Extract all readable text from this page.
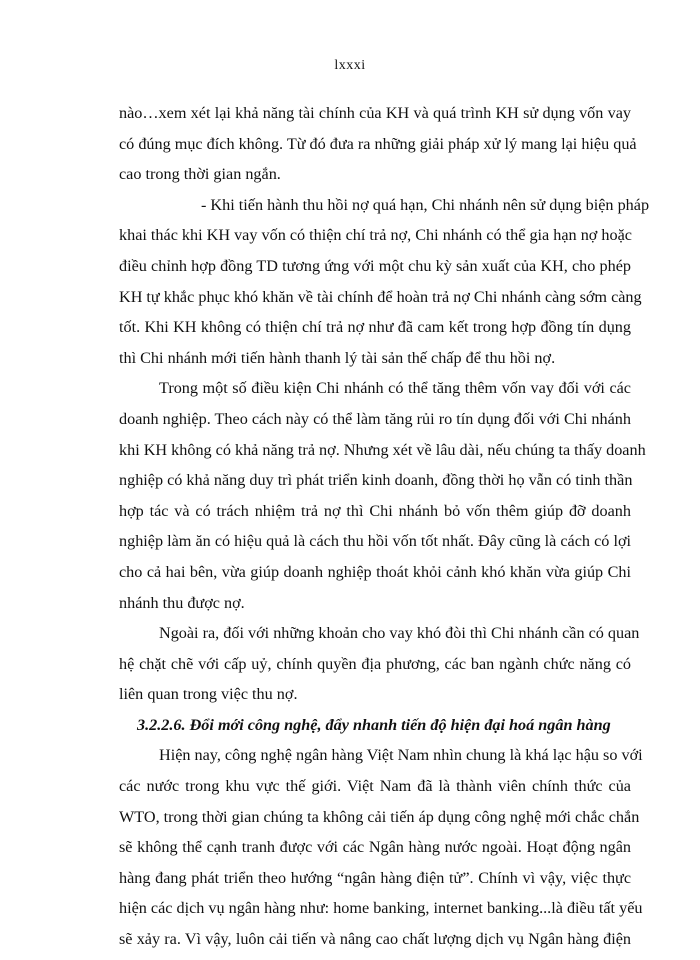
lxxxi
nào…xem xét lại khả năng tài chính của KH và quá trình KH sử dụng vốn vay
có đúng mục đích không. Từ đó đưa ra những giải pháp xử lý mang lại hiệu quả
cao trong thời gian ngắn.
- Khi tiến hành thu hồi nợ quá hạn, Chi nhánh nên sử dụng biện pháp
khai thác khi KH vay vốn có thiện chí trả nợ, Chi nhánh có thể gia hạn nợ hoặc
điều chỉnh hợp đồng TD tương ứng với một chu kỳ sản xuất của KH, cho phép
KH tự khắc phục khó khăn về tài chính để hoàn trả nợ Chi nhánh càng sớm càng
tốt. Khi KH không có thiện chí trả nợ như đã cam kết trong hợp đồng tín dụng
thì Chi nhánh mới tiến hành thanh lý tài sản thế chấp để thu hồi nợ.
Trong một số điều kiện Chi nhánh có thể tăng thêm vốn vay đối với các
doanh nghiệp. Theo cách này có thể làm tăng rủi ro tín dụng đối với Chi nhánh
khi KH không có khả năng trả nợ. Nhưng xét về lâu dài, nếu chúng ta thấy doanh
nghiệp có khả năng duy trì phát triển kinh doanh, đồng thời họ vẫn có tinh thần
hợp tác và có trách nhiệm trả nợ thì Chi nhánh bỏ vốn thêm giúp đỡ doanh
nghiệp làm ăn có hiệu quả là cách thu hồi vốn tốt nhất. Đây cũng là cách có lợi
cho cả hai bên, vừa giúp doanh nghiệp thoát khỏi cảnh khó khăn vừa giúp Chi
nhánh thu được nợ.
Ngoài ra, đối với những khoản cho vay khó đòi thì Chi nhánh cần có quan
hệ chặt chẽ với cấp uỷ, chính quyền địa phương, các ban ngành chức năng có
liên quan trong việc thu nợ.
3.2.2.6. Đổi mới công nghệ, đẩy nhanh tiến độ hiện đại hoá ngân hàng
Hiện nay, công nghệ ngân hàng Việt Nam nhìn chung là khá lạc hậu so với
các nước trong khu vực thế giới. Việt Nam đã là thành viên chính thức của
WTO, trong thời gian chúng ta không cải tiến áp dụng công nghệ mới chắc chắn
sẽ không thể cạnh tranh được với các Ngân hàng nước ngoài. Hoạt động ngân
hàng đang phát triển theo hướng “ngân hàng điện tử”. Chính vì vậy, việc thực
hiện các dịch vụ ngân hàng như: home banking, internet banking...là điều tất yếu
sẽ xảy ra. Vì vậy, luôn cải tiến và nâng cao chất lượng dịch vụ Ngân hàng điện
